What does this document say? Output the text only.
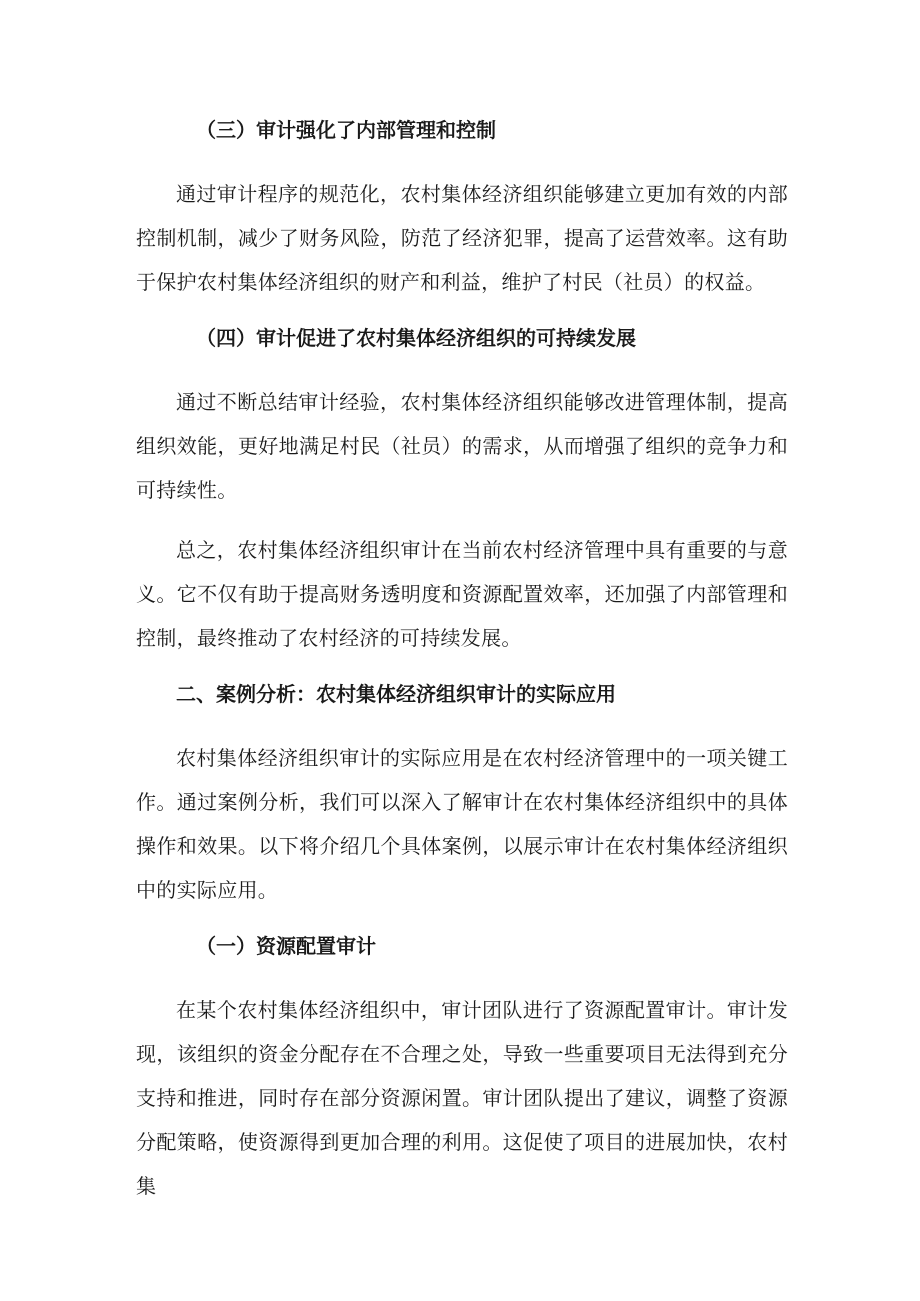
（三）审计强化了内部管理和控制

通过审计程序的规范化，农村集体经济组织能够建立更加有效的内部控制机制，减少了财务风险，防范了经济犯罪，提高了运营效率。这有助于保护农村集体经济组织的财产和利益，维护了村民（社员）的权益。

（四）审计促进了农村集体经济组织的可持续发展

通过不断总结审计经验，农村集体经济组织能够改进管理体制，提高组织效能，更好地满足村民（社员）的需求，从而增强了组织的竞争力和可持续性。

总之，农村集体经济组织审计在当前农村经济管理中具有重要的与意义。它不仅有助于提高财务透明度和资源配置效率，还加强了内部管理和控制，最终推动了农村经济的可持续发展。

二、案例分析：农村集体经济组织审计的实际应用

农村集体经济组织审计的实际应用是在农村经济管理中的一项关键工作。通过案例分析，我们可以深入了解审计在农村集体经济组织中的具体操作和效果。以下将介绍几个具体案例，以展示审计在农村集体经济组织中的实际应用。

（一）资源配置审计

在某个农村集体经济组织中，审计团队进行了资源配置审计。审计发现，该组织的资金分配存在不合理之处，导致一些重要项目无法得到充分支持和推进，同时存在部分资源闲置。审计团队提出了建议，调整了资源分配策略，使资源得到更加合理的利用。这促使了项目的进展加快，农村集
